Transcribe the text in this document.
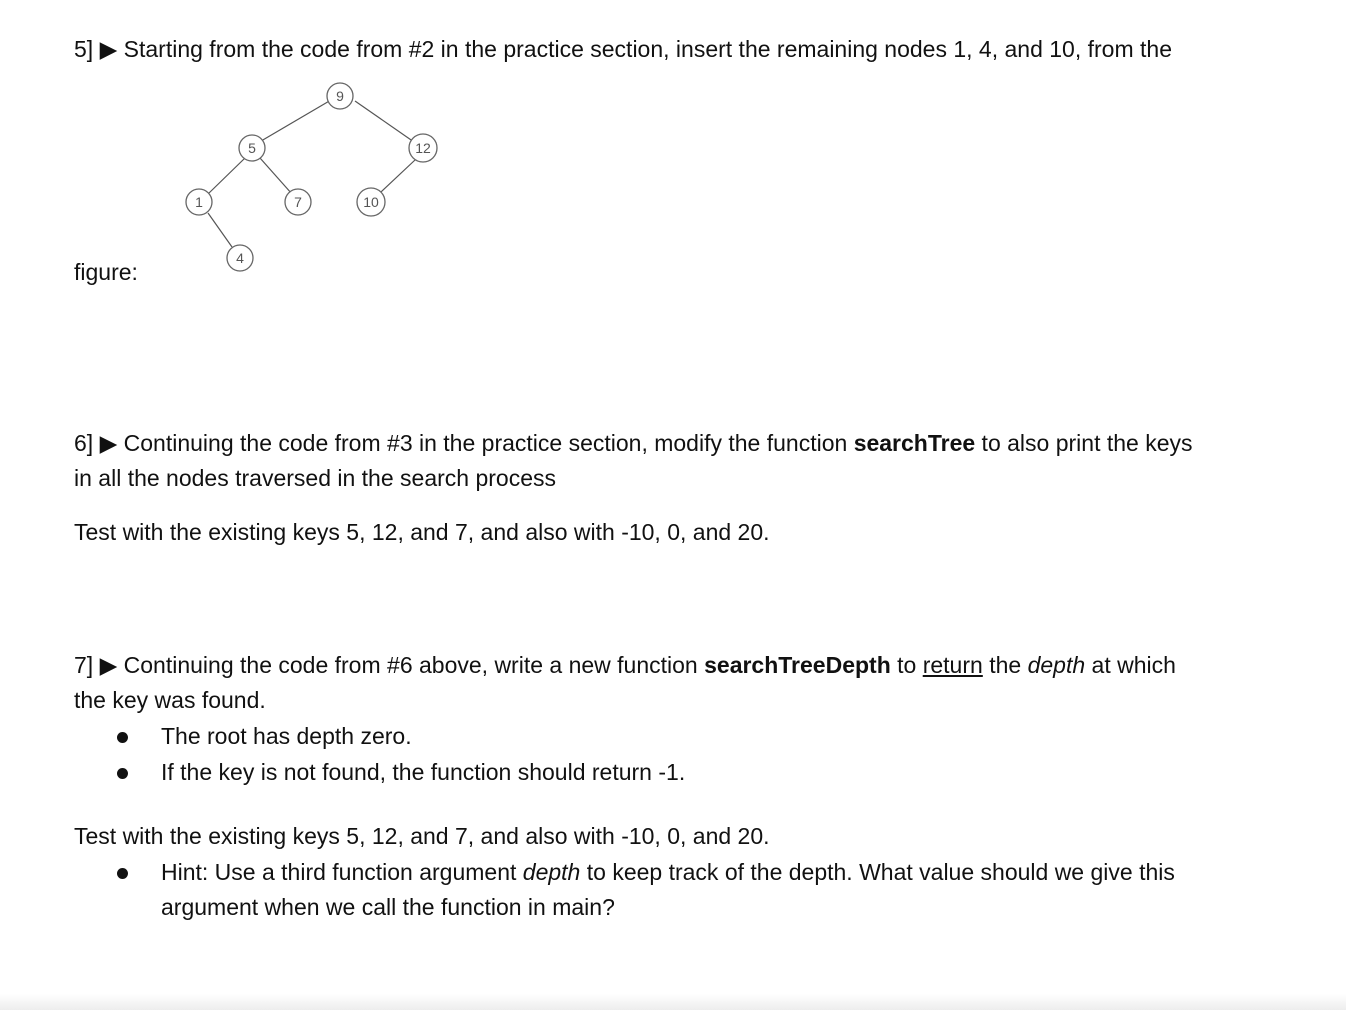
5] ▶ Starting from the code from #2 in the practice section, insert the remaining nodes 1, 4, and 10, from the
9
5	12
1	7	10
4
figure:
6] ▶ Continuing the code from #3 in the practice section, modify the function searchTree to also print the keys
in all the nodes traversed in the search process
Test with the existing keys 5, 12, and 7, and also with -10, 0, and 20.
7] ▶ Continuing the code from #6 above, write a new function searchTreeDepth to return the depth at which
the key was found.
The root has depth zero.
If the key is not found, the function should return -1.
Test with the existing keys 5, 12, and 7, and also with -10, 0, and 20.
Hint: Use a third function argument depth to keep track of the depth. What value should we give this
argument when we call the function in main?
